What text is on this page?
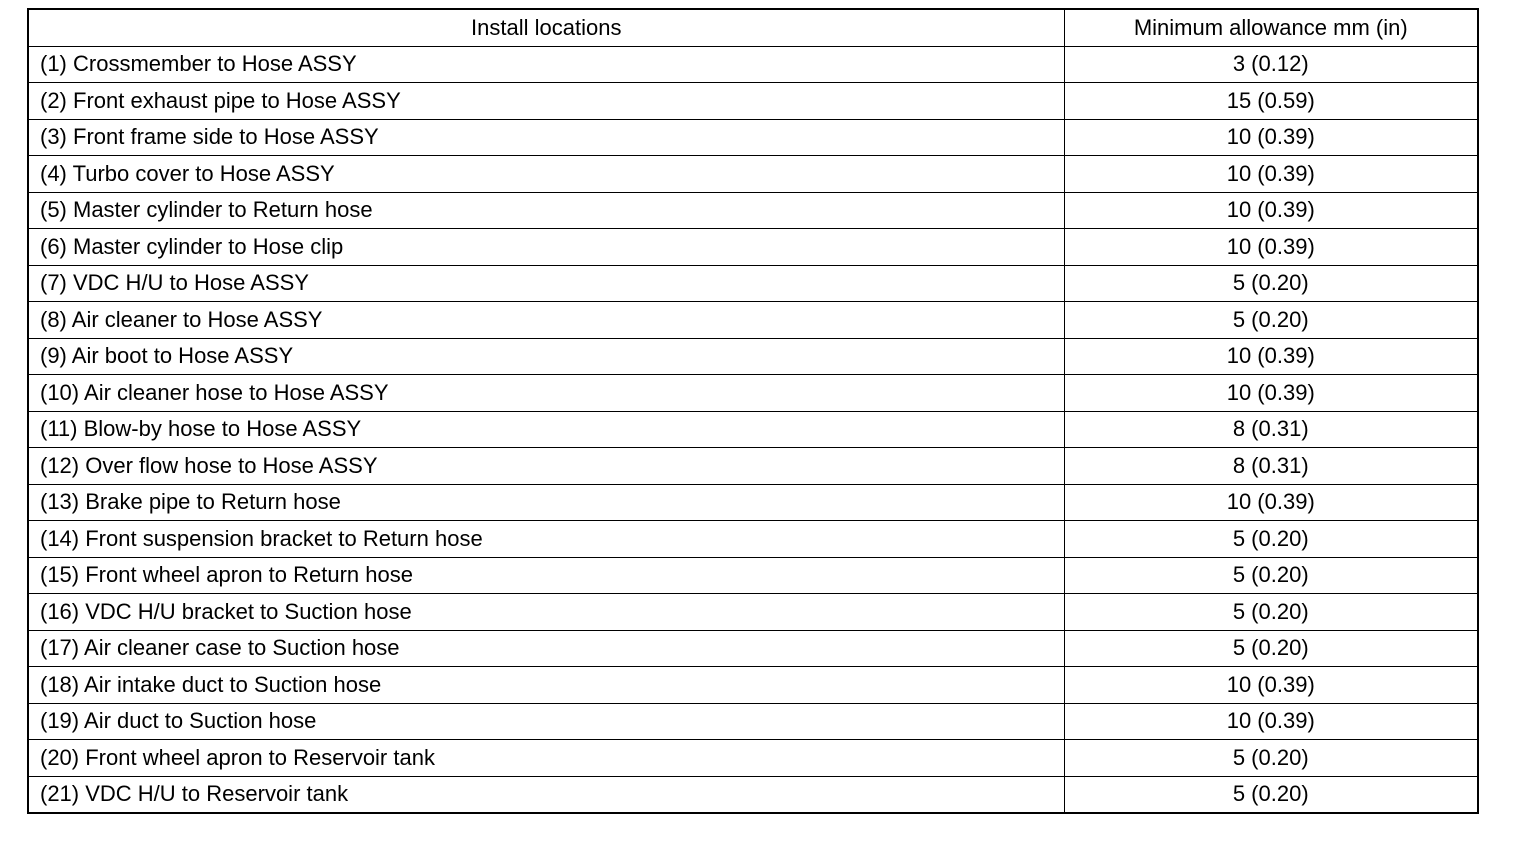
Install locations	Minimum allowance mm (in)
(1) Crossmember to Hose ASSY	3 (0.12)
(2) Front exhaust pipe to Hose ASSY	15 (0.59)
(3) Front frame side to Hose ASSY	10 (0.39)
(4) Turbo cover to Hose ASSY	10 (0.39)
(5) Master cylinder to Return hose	10 (0.39)
(6) Master cylinder to Hose clip	10 (0.39)
(7) VDC H/U to Hose ASSY	5 (0.20)
(8) Air cleaner to Hose ASSY	5 (0.20)
(9) Air boot to Hose ASSY	10 (0.39)
(10) Air cleaner hose to Hose ASSY	10 (0.39)
(11) Blow-by hose to Hose ASSY	8 (0.31)
(12) Over flow hose to Hose ASSY	8 (0.31)
(13) Brake pipe to Return hose	10 (0.39)
(14) Front suspension bracket to Return hose	5 (0.20)
(15) Front wheel apron to Return hose	5 (0.20)
(16) VDC H/U bracket to Suction hose	5 (0.20)
(17) Air cleaner case to Suction hose	5 (0.20)
(18) Air intake duct to Suction hose	10 (0.39)
(19) Air duct to Suction hose	10 (0.39)
(20) Front wheel apron to Reservoir tank	5 (0.20)
(21) VDC H/U to Reservoir tank	5 (0.20)
